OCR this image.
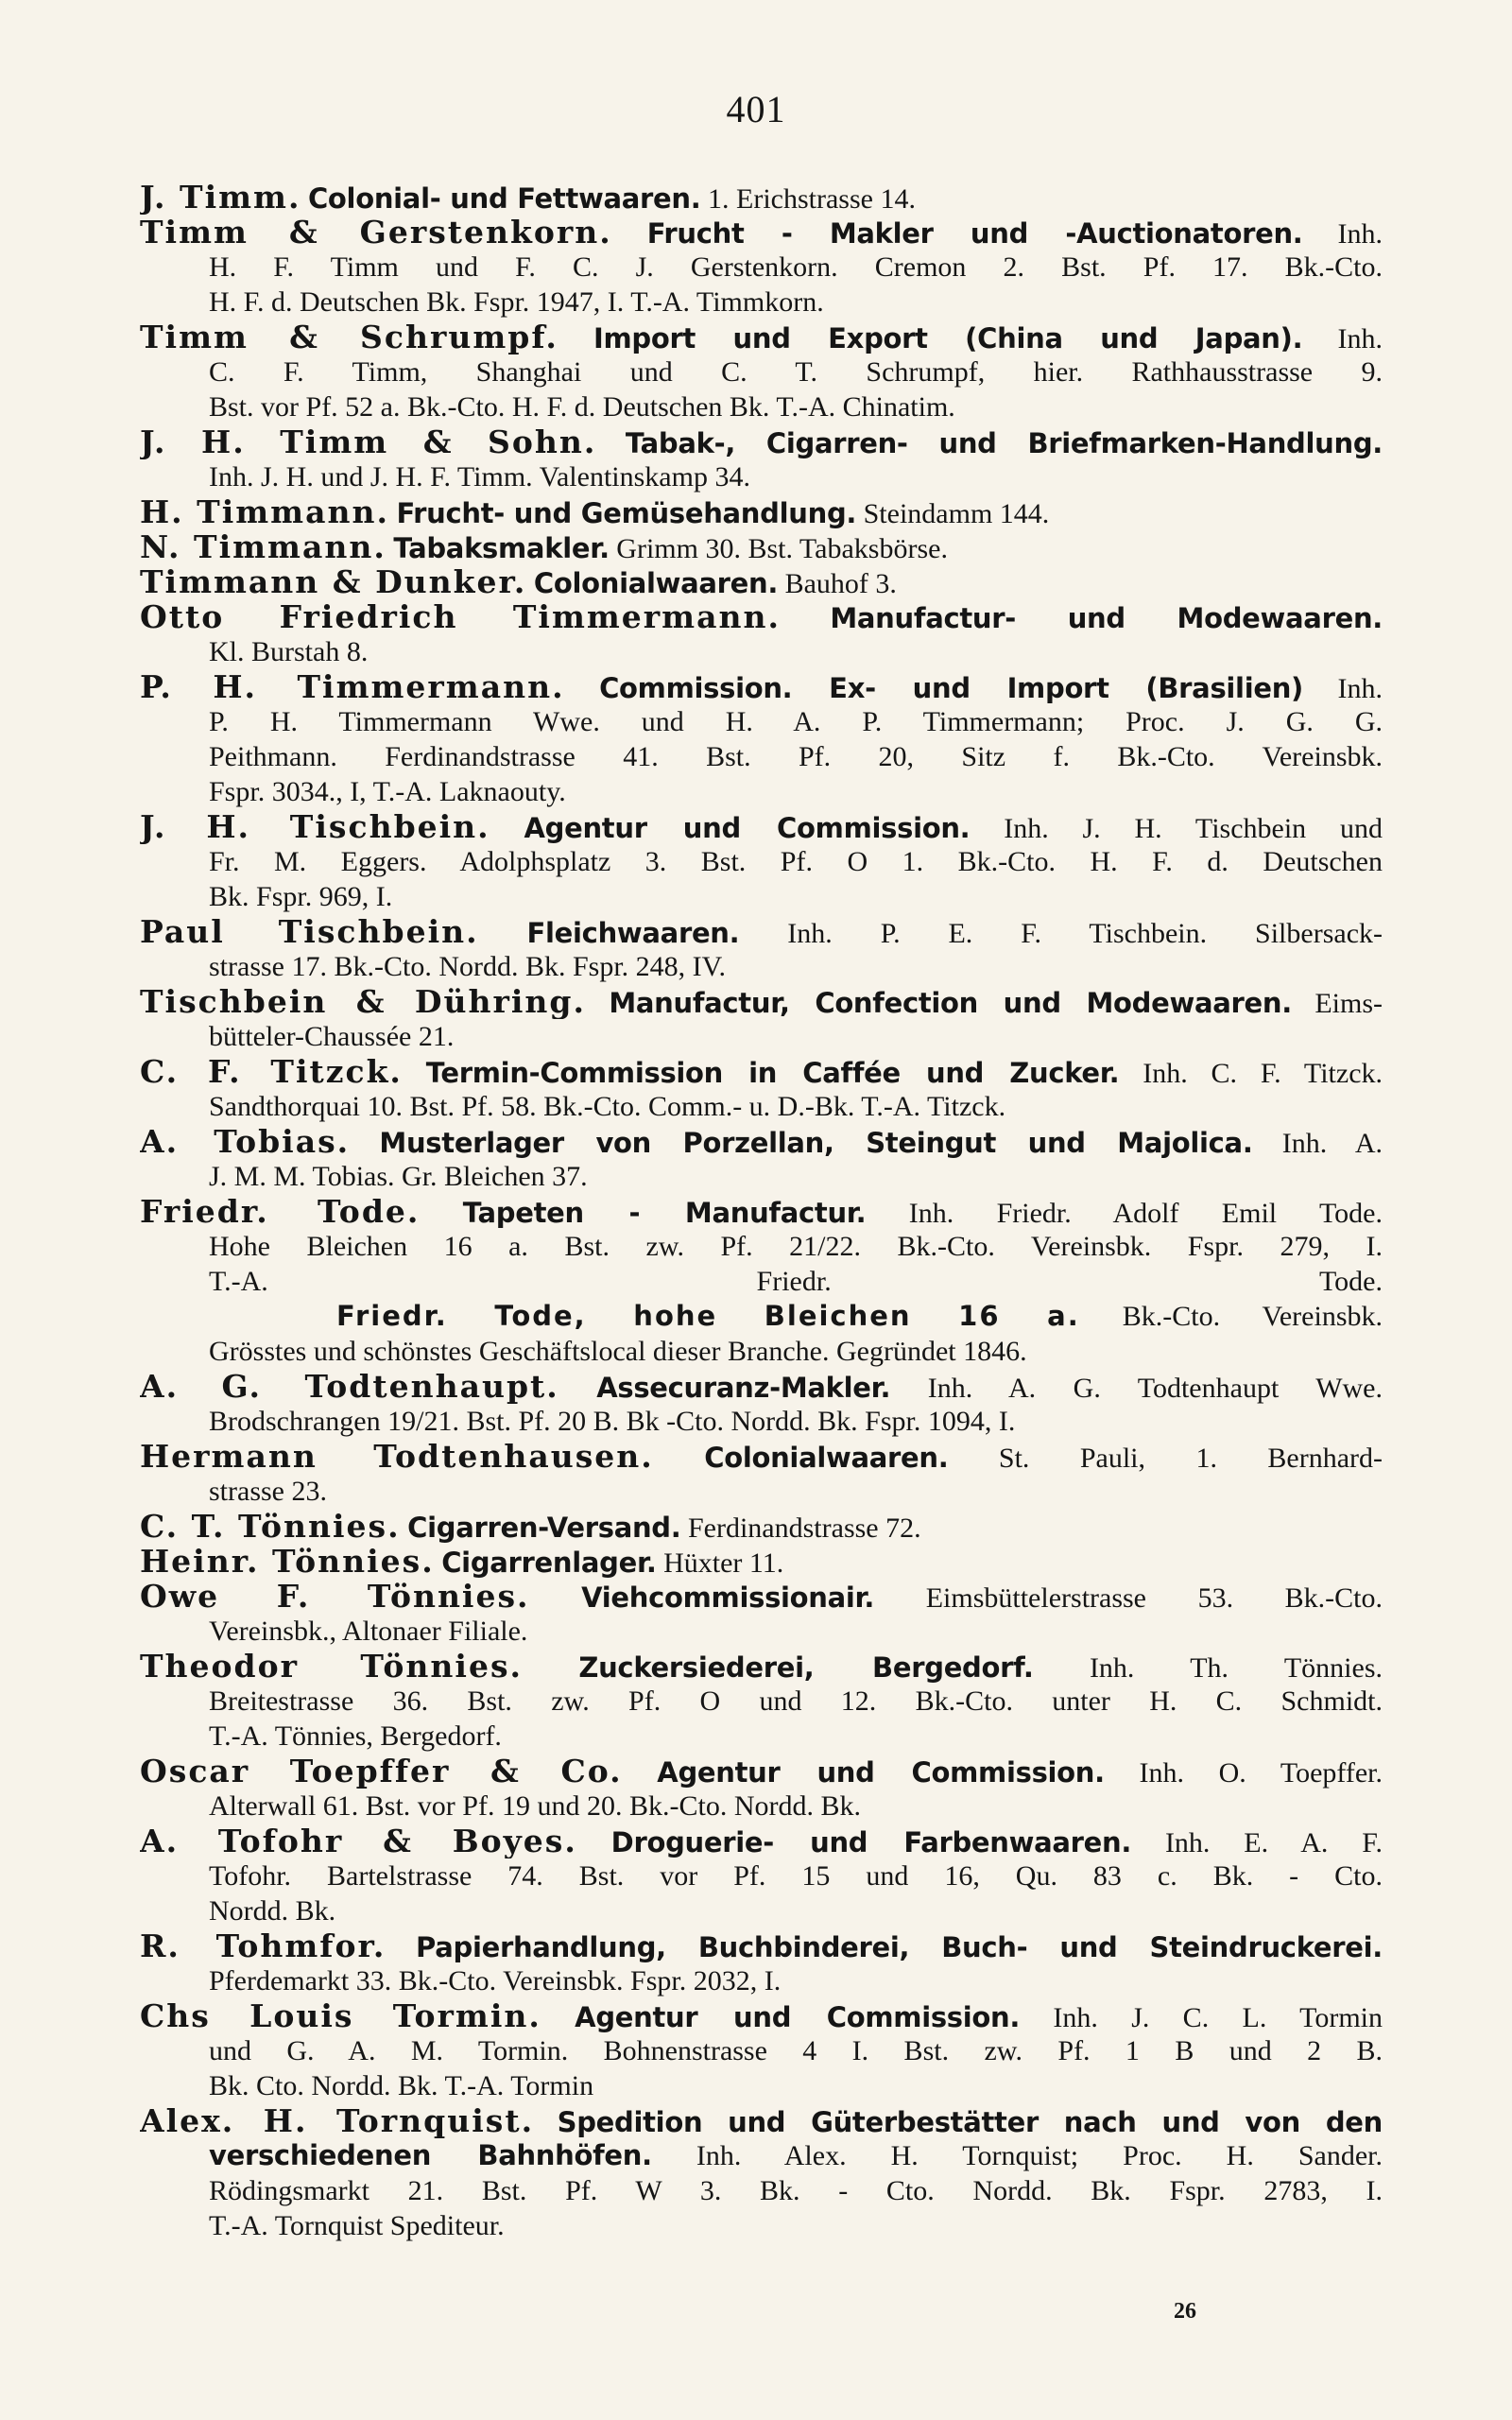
401
J. Timm. Colonial- und Fettwaaren. 1. Erichstrasse 14.
Timm & Gerstenkorn. Frucht - Makler und -Auctionatoren. Inh.
H. F. Timm und F. C. J. Gerstenkorn. Cremon 2. Bst. Pf. 17. Bk.-Cto.
H. F. d. Deutschen Bk. Fspr. 1947, I. T.-A. Timmkorn.
Timm & Schrumpf. Import und Export (China und Japan). Inh.
C. F. Timm, Shanghai und C. T. Schrumpf, hier. Rathhausstrasse 9.
Bst. vor Pf. 52 a. Bk.-Cto. H. F. d. Deutschen Bk. T.-A. Chinatim.
J. H. Timm & Sohn. Tabak-, Cigarren- und Briefmarken-Handlung.
Inh. J. H. und J. H. F. Timm. Valentinskamp 34.
H. Timmann. Frucht- und Gemüsehandlung. Steindamm 144.
N. Timmann. Tabaksmakler. Grimm 30. Bst. Tabaksbörse.
Timmann & Dunker. Colonialwaaren. Bauhof 3.
Otto Friedrich Timmermann. Manufactur- und Modewaaren.
Kl. Burstah 8.
P. H. Timmermann. Commission. Ex- und Import (Brasilien) Inh.
P. H. Timmermann Wwe. und H. A. P. Timmermann; Proc. J. G. G.
Peithmann. Ferdinandstrasse 41. Bst. Pf. 20, Sitz f. Bk.-Cto. Vereinsbk.
Fspr. 3034., I, T.-A. Laknaouty.
J. H. Tischbein. Agentur und Commission. Inh. J. H. Tischbein und
Fr. M. Eggers. Adolphsplatz 3. Bst. Pf. O 1. Bk.-Cto. H. F. d. Deutschen
Bk. Fspr. 969, I.
Paul Tischbein. Fleichwaaren. Inh. P. E. F. Tischbein. Silbersack-
strasse 17. Bk.-Cto. Nordd. Bk. Fspr. 248, IV.
Tischbein & Dühring. Manufactur, Confection und Modewaaren. Eims-
bütteler-Chaussée 21.
C. F. Titzck. Termin-Commission in Caffée und Zucker. Inh. C. F. Titzck.
Sandthorquai 10. Bst. Pf. 58. Bk.-Cto. Comm.- u. D.-Bk. T.-A. Titzck.
A. Tobias. Musterlager von Porzellan, Steingut und Majolica. Inh. A.
J. M. M. Tobias. Gr. Bleichen 37.
Friedr. Tode. Tapeten - Manufactur. Inh. Friedr. Adolf Emil Tode.
Hohe Bleichen 16 a. Bst. zw. Pf. 21/22. Bk.-Cto. Vereinsbk. Fspr. 279, I.
T.-A. Friedr. Tode.
Friedr. Tode, hohe Bleichen 16 a. Bk.-Cto. Vereinsbk.
Grösstes und schönstes Geschäftslocal dieser Branche. Gegründet 1846.
A. G. Todtenhaupt. Assecuranz-Makler. Inh. A. G. Todtenhaupt Wwe.
Brodschrangen 19/21. Bst. Pf. 20 B. Bk -Cto. Nordd. Bk. Fspr. 1094, I.
Hermann Todtenhausen. Colonialwaaren. St. Pauli, 1. Bernhard-
strasse 23.
C. T. Tönnies. Cigarren-Versand. Ferdinandstrasse 72.
Heinr. Tönnies. Cigarrenlager. Hüxter 11.
Owe F. Tönnies. Viehcommissionair. Eimsbüttelerstrasse 53. Bk.-Cto.
Vereinsbk., Altonaer Filiale.
Theodor Tönnies. Zuckersiederei, Bergedorf. Inh. Th. Tönnies.
Breitestrasse 36. Bst. zw. Pf. O und 12. Bk.-Cto. unter H. C. Schmidt.
T.-A. Tönnies, Bergedorf.
Oscar Toepffer & Co. Agentur und Commission. Inh. O. Toepffer.
Alterwall 61. Bst. vor Pf. 19 und 20. Bk.-Cto. Nordd. Bk.
A. Tofohr & Boyes. Droguerie- und Farbenwaaren. Inh. E. A. F.
Tofohr. Bartelstrasse 74. Bst. vor Pf. 15 und 16, Qu. 83 c. Bk. - Cto.
Nordd. Bk.
R. Tohmfor. Papierhandlung, Buchbinderei, Buch- und Steindruckerei.
Pferdemarkt 33. Bk.-Cto. Vereinsbk. Fspr. 2032, I.
Chs Louis Tormin. Agentur und Commission. Inh. J. C. L. Tormin
und G. A. M. Tormin. Bohnenstrasse 4 I. Bst. zw. Pf. 1 B und 2 B.
Bk. Cto. Nordd. Bk. T.-A. Tormin
Alex. H. Tornquist. Spedition und Güterbestätter nach und von den
verschiedenen Bahnhöfen. Inh. Alex. H. Tornquist; Proc. H. Sander.
Rödingsmarkt 21. Bst. Pf. W 3. Bk. - Cto. Nordd. Bk. Fspr. 2783, I.
T.-A. Tornquist Spediteur.
26
